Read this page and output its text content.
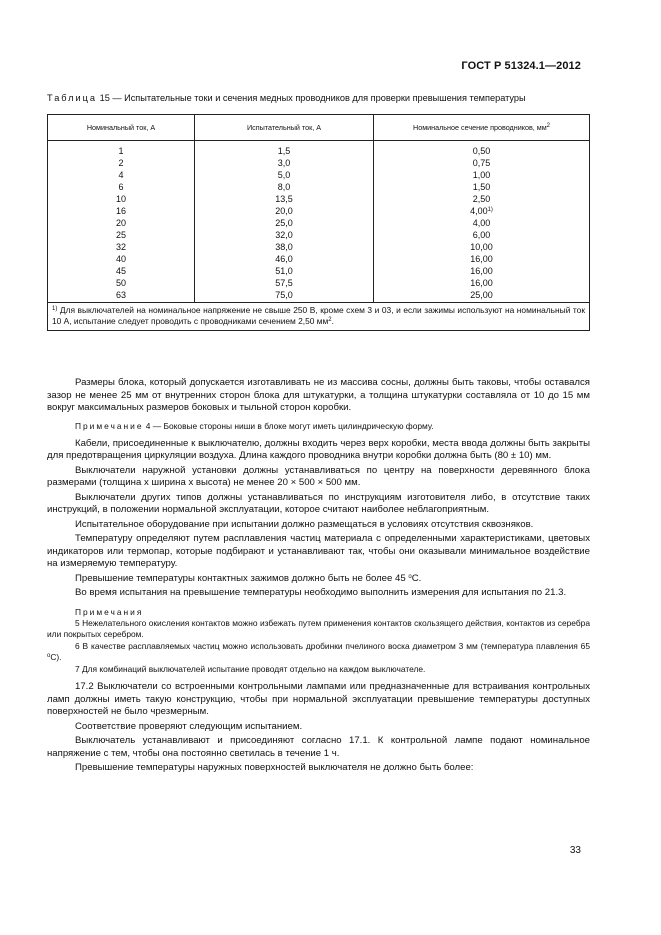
ГОСТ Р 51324.1—2012
Таблица 15 — Испытательные токи и сечения медных проводников для проверки превышения температуры
Номинальный ток, А	Испытательный ток, А	Номинальное сечение проводников, $мм^2$
1	1,5	0,50
2	3,0	0,75
4	5,0	1,00
6	8,0	1,50
10	13,5	2,50
16	20,0	4,00$^{1)}$
20	25,0	4,00
25	32,0	6,00
32	38,0	10,00
40	46,0	16,00
45	51,0	16,00
50	57,5	16,00
63	75,0	25,00
$^{1)}$ Для выключателей на номинальное напряжение не свыше 250 В, кроме схем 3 и 03, и если зажимы используют на номинальный ток 10 А, испытание следует проводить с проводниками сечением 2,50 $мм^2$.		

Размеры блока, который допускается изготавливать не из массива сосны, должны быть таковы, чтобы оставался зазор не менее 25 мм от внутренних сторон блока для штукатурки, а толщина штукатурки составляла от 10 до 15 мм вокруг максимальных размеров боковых и тыльной сторон коробки.

Примечание 4 — Боковые стороны ниши в блоке могут иметь цилиндрическую форму.

Кабели, присоединенные к выключателю, должны входить через верх коробки, места ввода должны быть закрыты для предотвращения циркуляции воздуха. Длина каждого проводника внутри коробки должна быть (80 ± 10) мм.

Выключатели наружной установки должны устанавливаться по центру на поверхности деревянного блока размерами (толщина x ширина x высота) не менее 20 × 500 × 500 мм.

Выключатели других типов должны устанавливаться по инструкциям изготовителя либо, в отсутствие таких инструкций, в положении нормальной эксплуатации, которое считают наиболее неблагоприятным.

Испытательное оборудование при испытании должно размещаться в условиях отсутствия сквозняков.

Температуру определяют путем расплавления частиц материала с определенными характеристиками, цветовых индикаторов или термопар, которые подбирают и устанавливают так, чтобы они оказывали минимальное воздействие на измеряемую температуру.

Превышение температуры контактных зажимов должно быть не более 45 $^о$С.

Во время испытания на превышение температуры необходимо выполнить измерения для испытания по 21.3.

Примечания

5 Нежелательного окисления контактов можно избежать путем применения контактов скользящего действия, контактов из серебра или покрытых серебром.

6 В качестве расплавляемых частиц можно использовать дробинки пчелиного воска диаметром 3 мм (температура плавления 65 $^о$С).

7 Для комбинаций выключателей испытание проводят отдельно на каждом выключателе.

17.2 Выключатели со встроенными контрольными лампами или предназначенные для встраивания контрольных ламп должны иметь такую конструкцию, чтобы при нормальной эксплуатации превышение температуры доступных поверхностей не было чрезмерным.

Соответствие проверяют следующим испытанием.

Выключатель устанавливают и присоединяют согласно 17.1. К контрольной лампе подают номинальное напряжение с тем, чтобы она постоянно светилась в течение 1 ч.

Превышение температуры наружных поверхностей выключателя не должно быть более:

33
